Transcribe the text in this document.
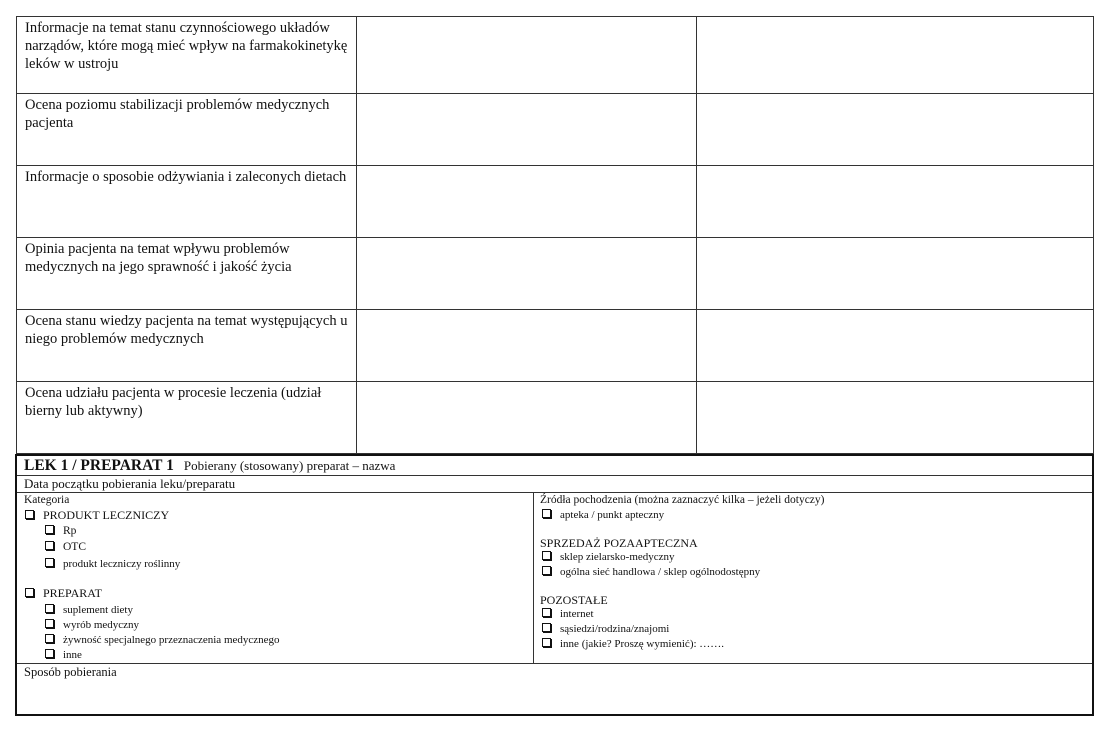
Informacje na temat stanu czynnościowego układów narządów, które mogą mieć wpływ na farmakokinetykę leków w ustroju		

Ocena poziomu stabilizacji problemów medycznych pacjenta		

Informacje o sposobie odżywiania i zaleconych dietach		

Opinia pacjenta na temat wpływu problemów medycznych na jego sprawność i jakość życia		

Ocena stanu wiedzy pacjenta na temat występujących u niego problemów medycznych		

Ocena udziału pacjenta w procesie leczenia (udział bierny lub aktywny)		

LEK 1 / PREPARAT 1 Pobierany (stosowany) preparat – nazwa
Data początku pobierania leku/preparatu
Kategoria
PRODUKT LECZNICZY
Rp
OTC
produkt leczniczy roślinny
PREPARAT
suplement diety
wyrób medyczny
żywność specjalnego przeznaczenia medycznego
inne
Źródła pochodzenia (można zaznaczyć kilka – jeżeli dotyczy)
apteka / punkt apteczny
SPRZEDAŻ POZAAPTECZNA
sklep zielarsko-medyczny
ogólna sieć handlowa / sklep ogólnodostępny
POZOSTAŁE
internet
sąsiedzi/rodzina/znajomi
inne (jakie? Proszę wymienić): …….
Sposób pobierania
